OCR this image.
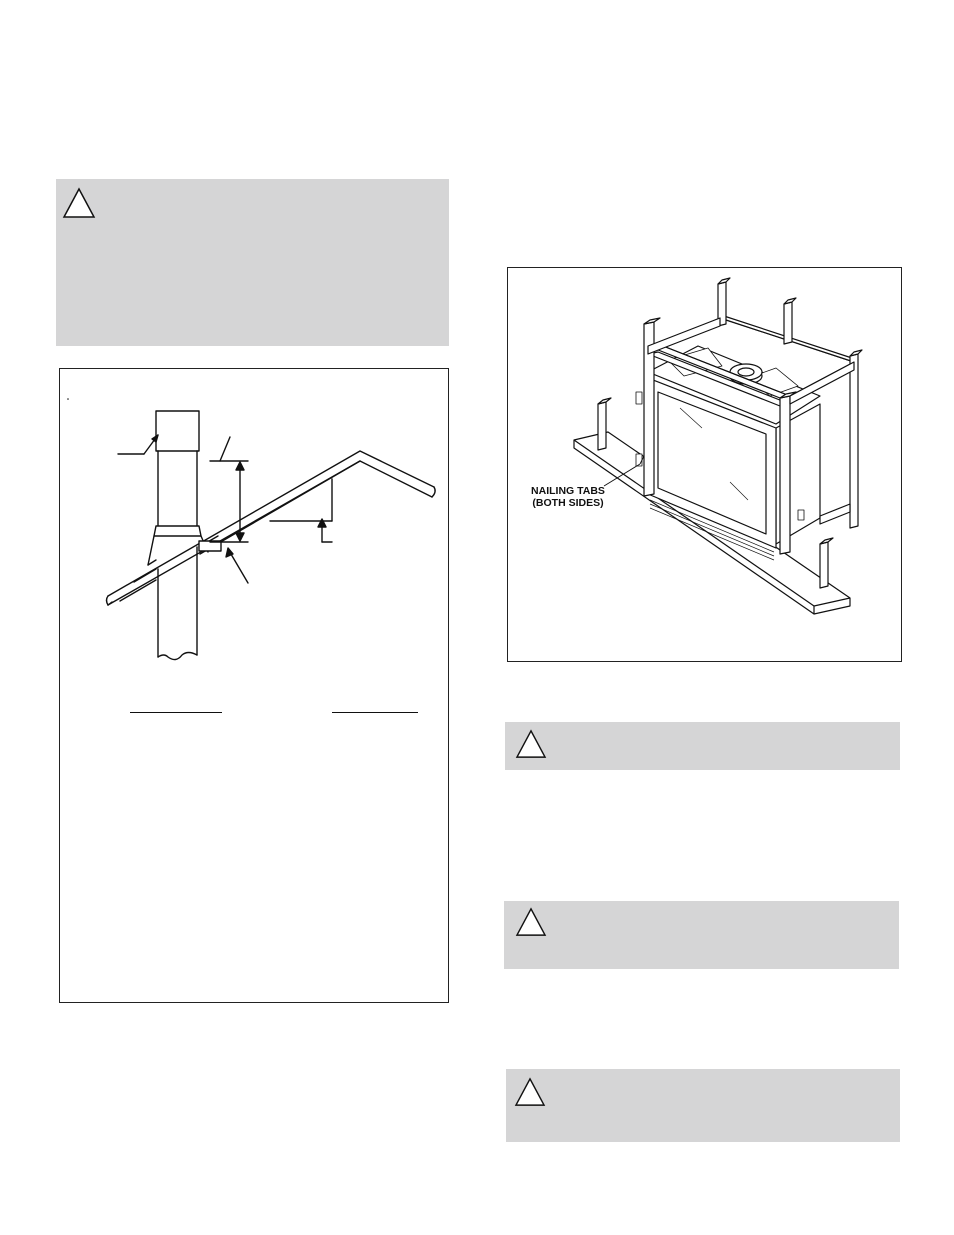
NAILING TABS
(BOTH SIDES)
